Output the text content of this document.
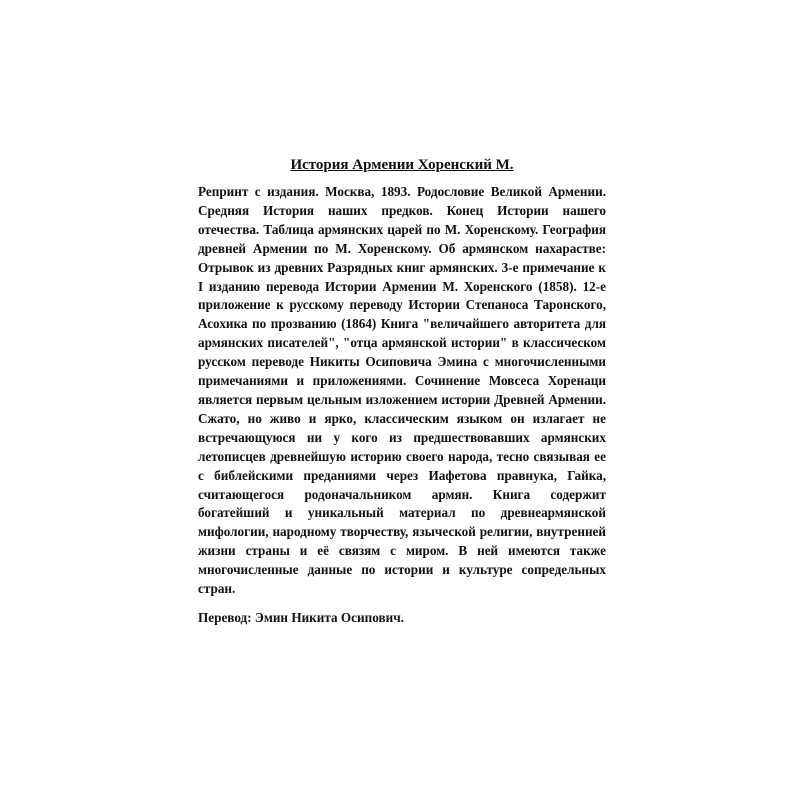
История Армении Хоренский М.

Репринт с издания. Москва, 1893. Родословие Великой Армении. Средняя История наших предков. Конец Истории нашего отечества. Таблица армянских царей по М. Хоренскому. География древней Армении по М. Хоренскому. Об армянском нахарастве: Отрывок из древних Разрядных книг армянских. 3-е примечание к I изданию перевода Истории Армении М. Хоренского (1858). 12-е приложение к русскому переводу Истории Степаноса Таронского, Асохика по прозванию (1864) Книга "величайшего авторитета для армянских писателей", "отца армянской истории" в классическом русском переводе Никиты Осиповича Эмина с многочисленными примечаниями и приложениями. Сочинение Мовсеса Хоренаци является первым цельным изложением истории Древней Армении. Сжато, но живо и ярко, классическим языком он излагает не встречающуюся ни у кого из предшествовавших армянских летописцев древнейшую историю своего народа, тесно связывая ее с библейскими преданиями через Иафетова правнука, Гайка, считающегося родоначальником армян. Книга содержит богатейший и уникальный материал по древнеармянской мифологии, народному творчеству, языческой религии, внутренней жизни страны и её связям с миром. В ней имеются также многочисленные данные по истории и культуре сопредельных стран.

Перевод: Эмин Никита Осипович.
